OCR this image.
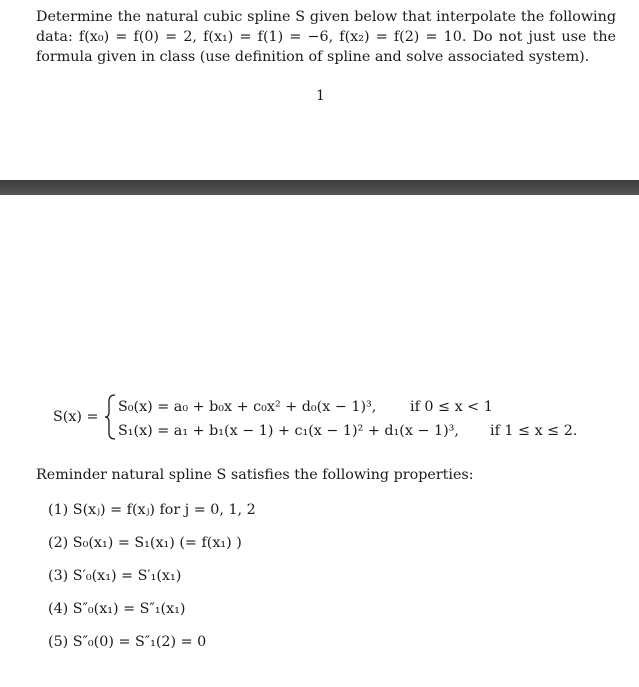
Determine the natural cubic spline S given below that interpolate the following data: f(x₀) = f(0) = 2, f(x₁) = f(1) = −6, f(x₂) = f(2) = 10. Do not just use the formula given in class (use definition of spline and solve associated system).

1
S(x) =
S₀(x) = a₀ + b₀x + c₀x² + d₀(x − 1)³, if 0 ≤ x < 1
S₁(x) = a₁ + b₁(x − 1) + c₁(x − 1)² + d₁(x − 1)³, if 1 ≤ x ≤ 2.
Reminder natural spline S satisfies the following properties:
(1) S(xⱼ) = f(xⱼ) for j = 0, 1, 2
(2) S₀(x₁) = S₁(x₁) (= f(x₁) )
(3) S′₀(x₁) = S′₁(x₁)
(4) S″₀(x₁) = S″₁(x₁)
(5) S″₀(0) = S″₁(2) = 0
